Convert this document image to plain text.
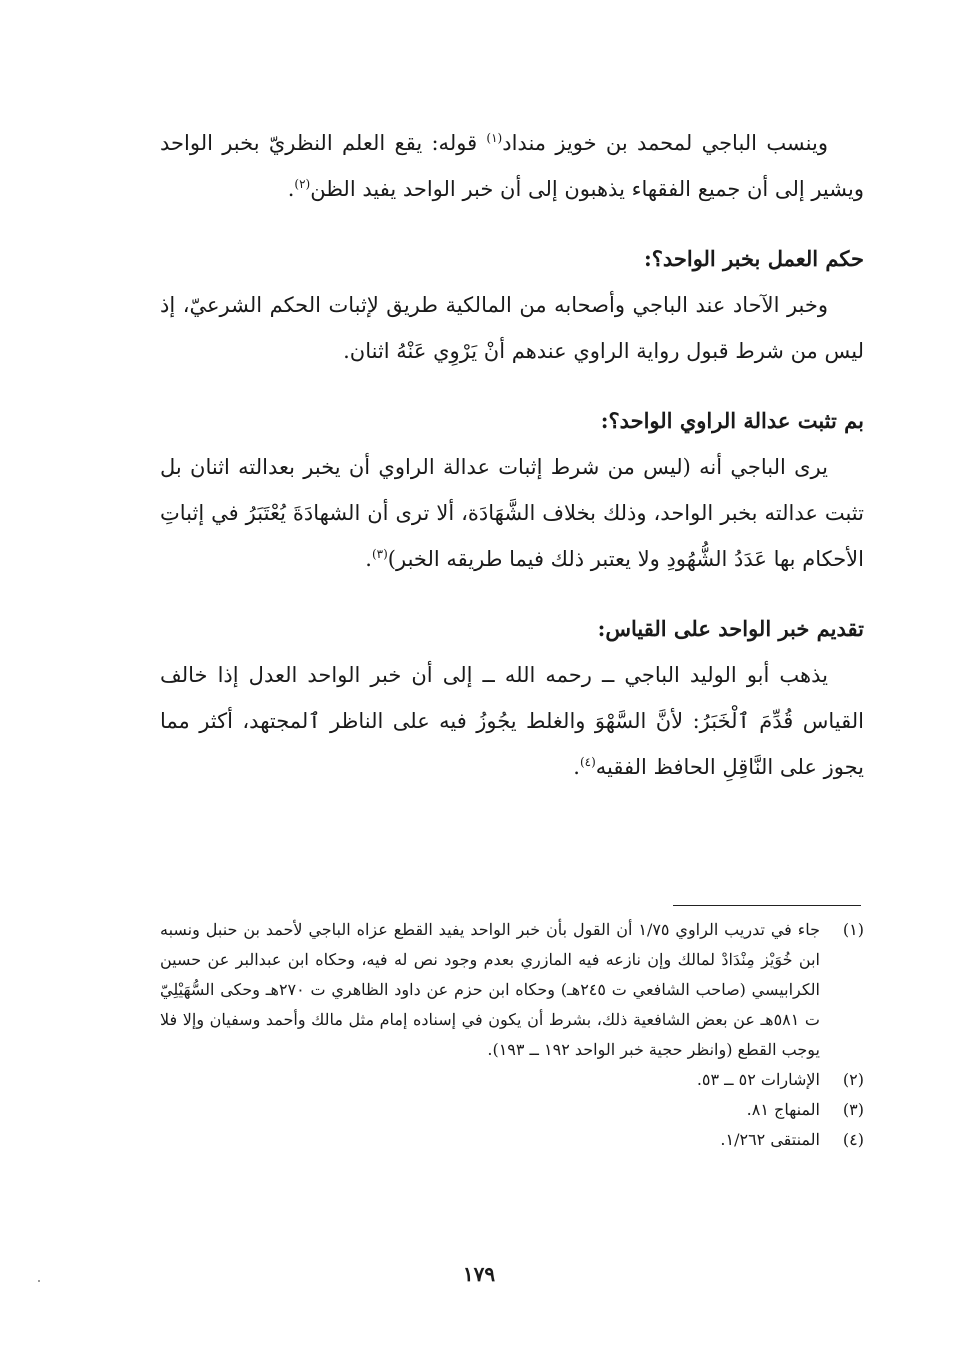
وينسب الباجي لمحمد بن خويز منداد$^{(١)}$ قوله: يقع العلم النظريّ بخبر الواحد ويشير إلى أن جميع الفقهاء يذهبون إلى أن خبر الواحد يفيد الظن$^{(٢)}$.

حكم العمل بخبر الواحد؟:

وخبر الآحاد عند الباجي وأصحابه من المالكية طريق لإثبات الحكم الشرعيّ، إذ ليس من شرط قبول رواية الراوي عندهم أنْ يَرْوِي عَنْهُ اثنان.

بم تثبت عدالة الراوي الواحد؟:

يرى الباجي أنه (ليس من شرط إثبات عدالة الراوي أن يخبر بعدالته اثنان بل تثبت عدالته بخبر الواحد، وذلك بخلاف الشَّهَادَة، ألا ترى أن الشهادَةَ يُعْتَبَرُ في إثباتِ الأحكام بها عَدَدُ الشُّهُودِ ولا يعتبر ذلك فيما طريقه الخبر)$^{(٣)}$.

تقديم خبر الواحد على القياس:

يذهب أبو الوليد الباجي ــ رحمه الله ــ إلى أن خبر الواحد العدل إذا خالف القياس قُدِّمَ ٱلْخَبَرُ: لأنَّ السَّهْوَ والغلط يجُوزُ فيه على الناظر ٱلمجتهد، أكثر مما يجوز على النَّاقِلِ الحافظ الفقيه$^{(٤)}$.

(١)
جاء في تدريب الراوي ١/٧٥ أن القول بأن خبر الواحد يفيد القطع عزاه الباجي لأحمد بن حنبل ونسبه ابن خُوَيْز مِنْدَادْ لمالك وإن نازعه فيه المازري بعدم وجود نص له فيه، وحكاه ابن عبدالبر عن حسين الكرابيسي (صاحب الشافعي ت ٢٤٥هـ) وحكاه ابن حزم عن داود الظاهري ت ٢٧٠هـ وحكى السُّهَيْلِيّ ت ٥٨١هـ عن بعض الشافعية ذلك، بشرط أن يكون في إسناده إمام مثل مالك وأحمد وسفيان وإلا فلا يوجب القطع (وانظر حجية خبر الواحد ١٩٢ ــ ١٩٣).
(٢)
الإشارات ٥٢ ــ ٥٣.
(٣)
المنهاج ٨١.
(٤)
المنتقى ١/٢٦٢.
١٧٩
